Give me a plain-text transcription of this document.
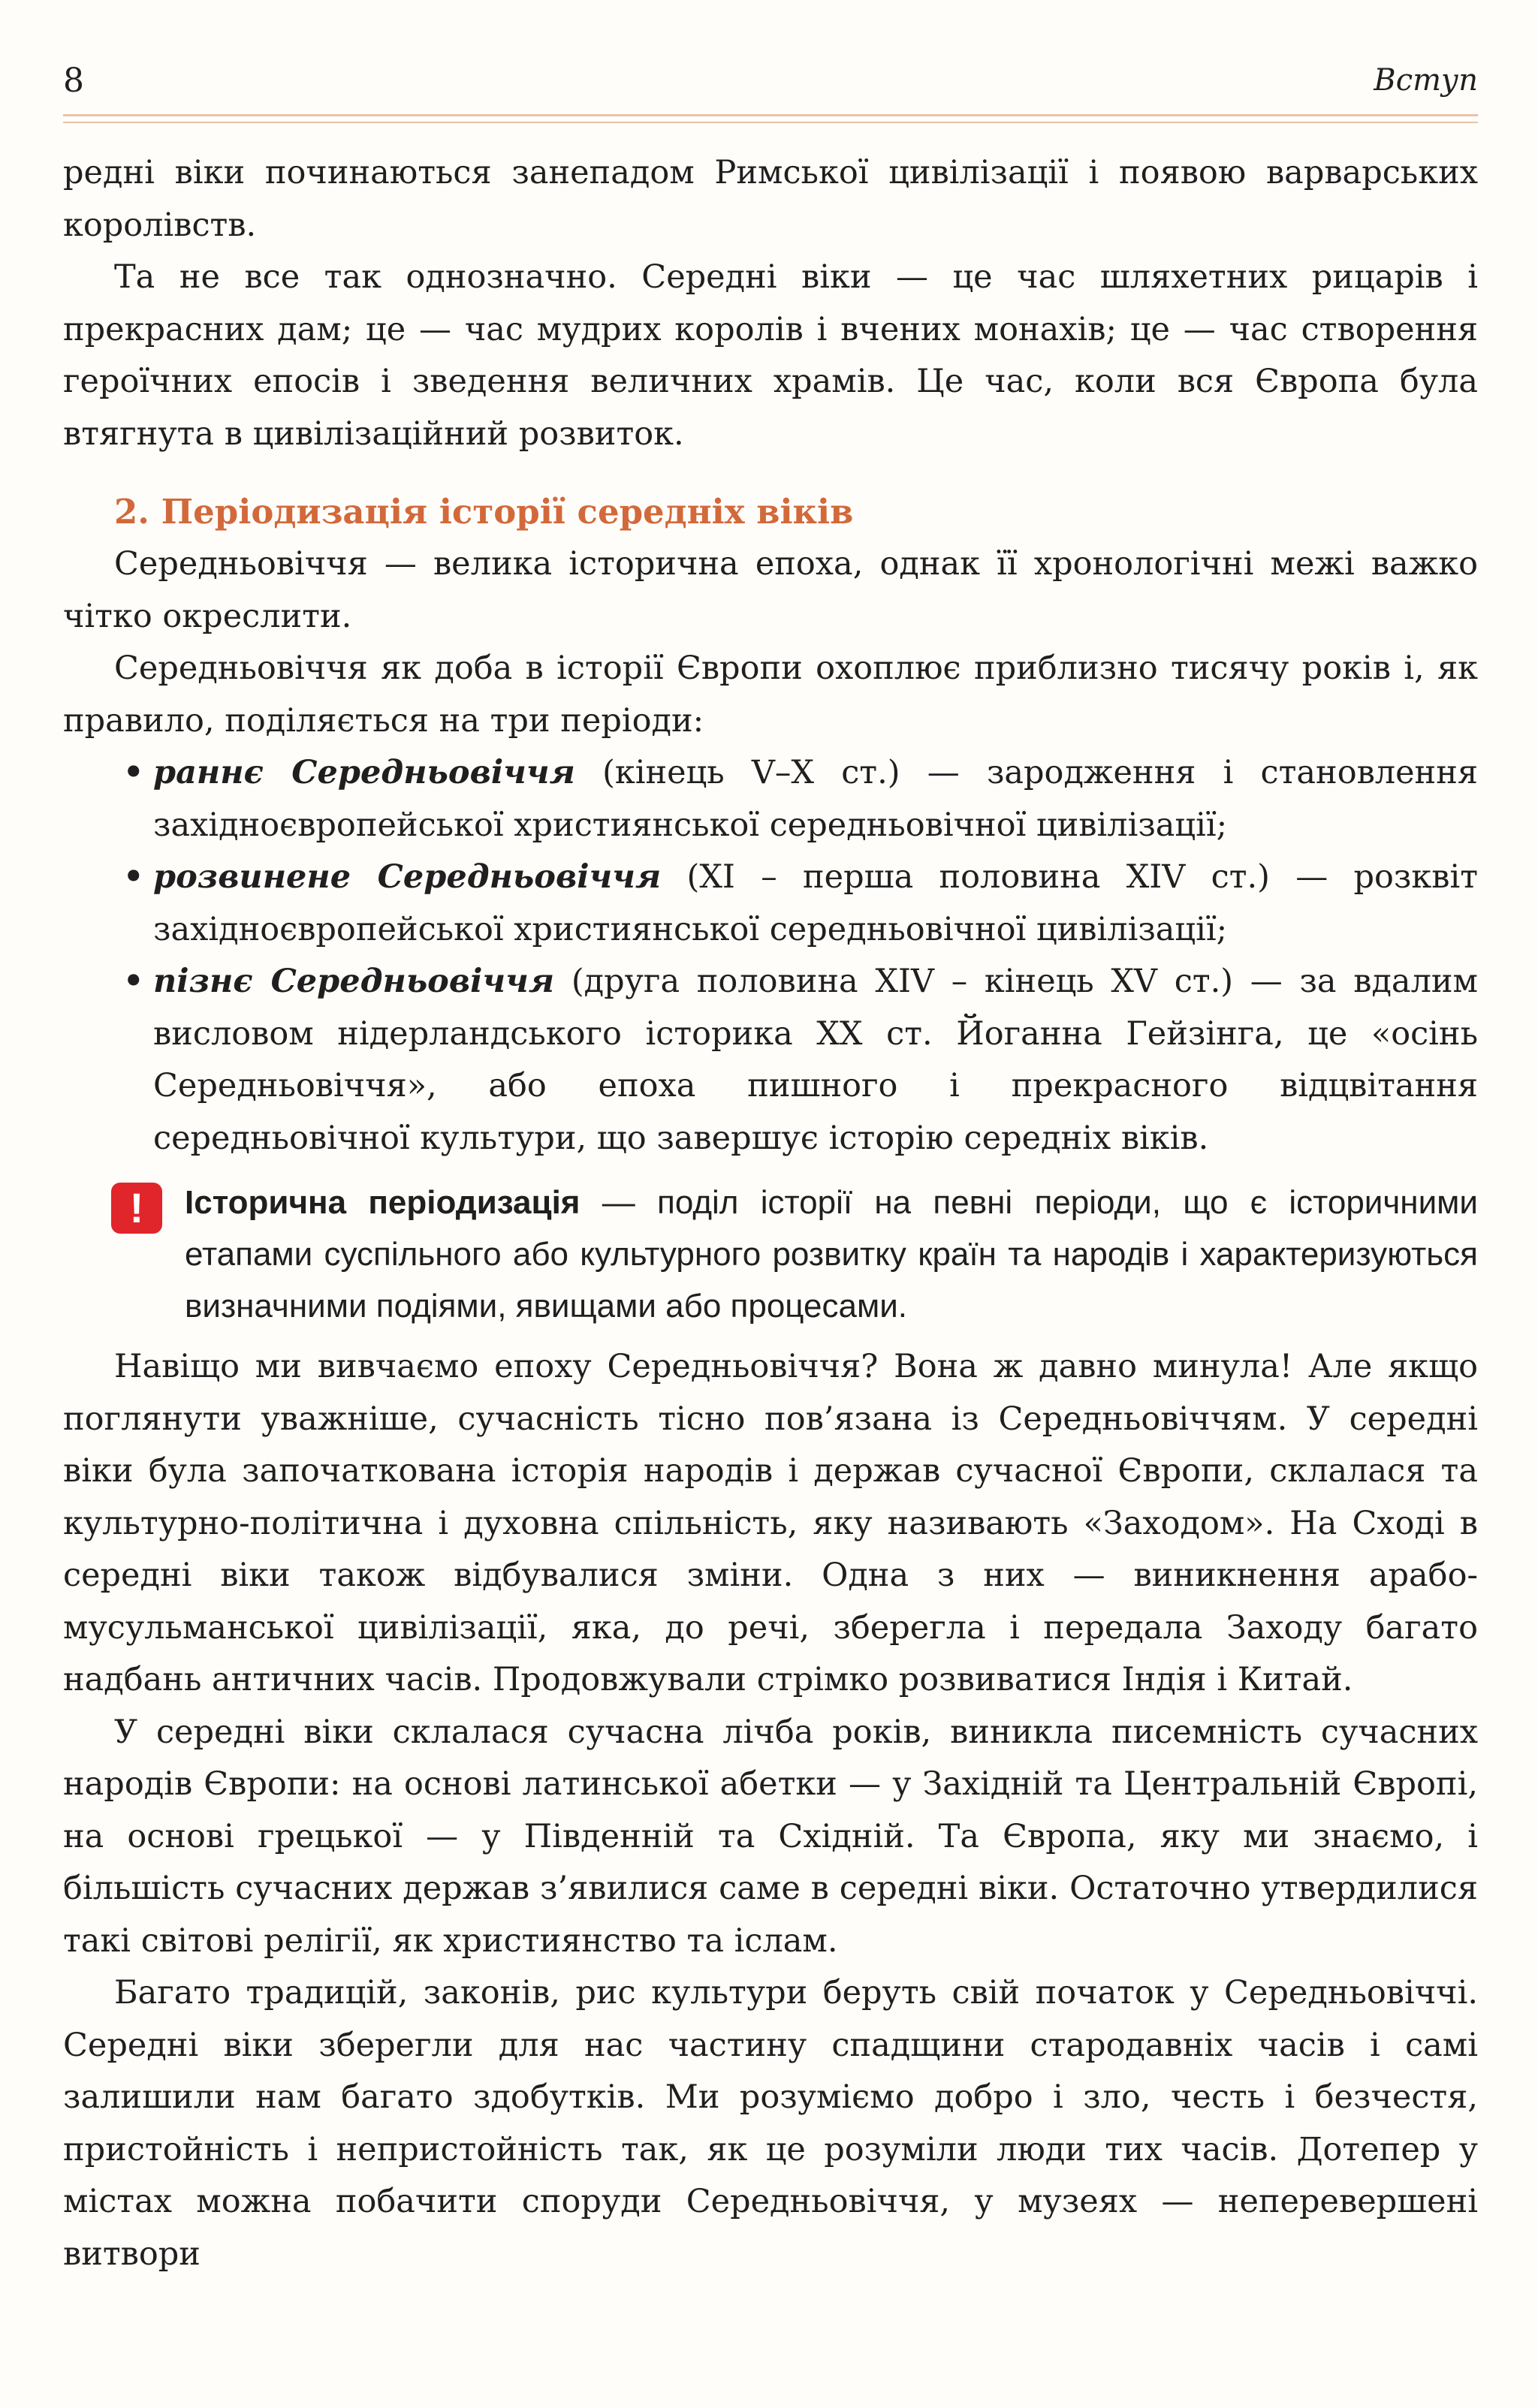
8	Вступ

редні віки починаються занепадом Римської цивілізації і появою варварських королівств.

Та не все так однозначно. Середні віки — це час шляхетних рицарів і прекрасних дам; це — час мудрих королів і вчених монахів; це — час створення героїчних епосів і зведення величних храмів. Це час, коли вся Європа була втягнута в цивілізаційний розвиток.

2. Періодизація історії середніх віків

Середньовіччя — велика історична епоха, однак її хронологічні межі важко чітко окреслити.

Середньовіччя як доба в історії Європи охоплює приблизно тисячу років і, як правило, поділяється на три періоди:

• раннє Середньовіччя (кінець V–X ст.) — зародження і становлення західноєвропейської християнської середньовічної цивілізації;
• розвинене Середньовіччя (XI – перша половина XIV ст.) — розквіт західноєвропейської християнської середньовічної цивілізації;
• пізнє Середньовіччя (друга половина XIV – кінець XV ст.) — за вдалим висловом нідерландського історика XX ст. Йоганна Гейзінга, це «осінь Середньовіччя», або епоха пишного і прекрасного відцвітання середньовічної культури, що завершує історію середніх віків.
!	Історична періодизація — поділ історії на певні періоди, що є історичними етапами суспільного або культурного розвитку країн та народів і характеризуються визначними подіями, явищами або процесами.

Навіщо ми вивчаємо епоху Середньовіччя? Вона ж давно минула! Але якщо поглянути уважніше, сучасність тісно пов’язана із Середньовіччям. У середні віки була започаткована історія народів і держав сучасної Європи, склалася та культурно-політична і духовна спільність, яку називають «Заходом». На Сході в середні віки також відбувалися зміни. Одна з них — виникнення арабо-мусульманської цивілізації, яка, до речі, зберегла і передала Заходу багато надбань античних часів. Продовжували стрімко розвиватися Індія і Китай.

У середні віки склалася сучасна лічба років, виникла писемність сучасних народів Європи: на основі латинської абетки — у Західній та Центральній Європі, на основі грецької — у Південній та Східній. Та Європа, яку ми знаємо, і більшість сучасних держав з’явилися саме в середні віки. Остаточно утвердилися такі світові релігії, як християнство та іслам.

Багато традицій, законів, рис культури беруть свій початок у Середньовіччі. Середні віки зберегли для нас частину спадщини стародавніх часів і самі залишили нам багато здобутків. Ми розуміємо добро і зло, честь і безчестя, пристойність і непристойність так, як це розуміли люди тих часів. Дотепер у містах можна побачити споруди Середньовіччя, у музеях — неперевершені витвори
